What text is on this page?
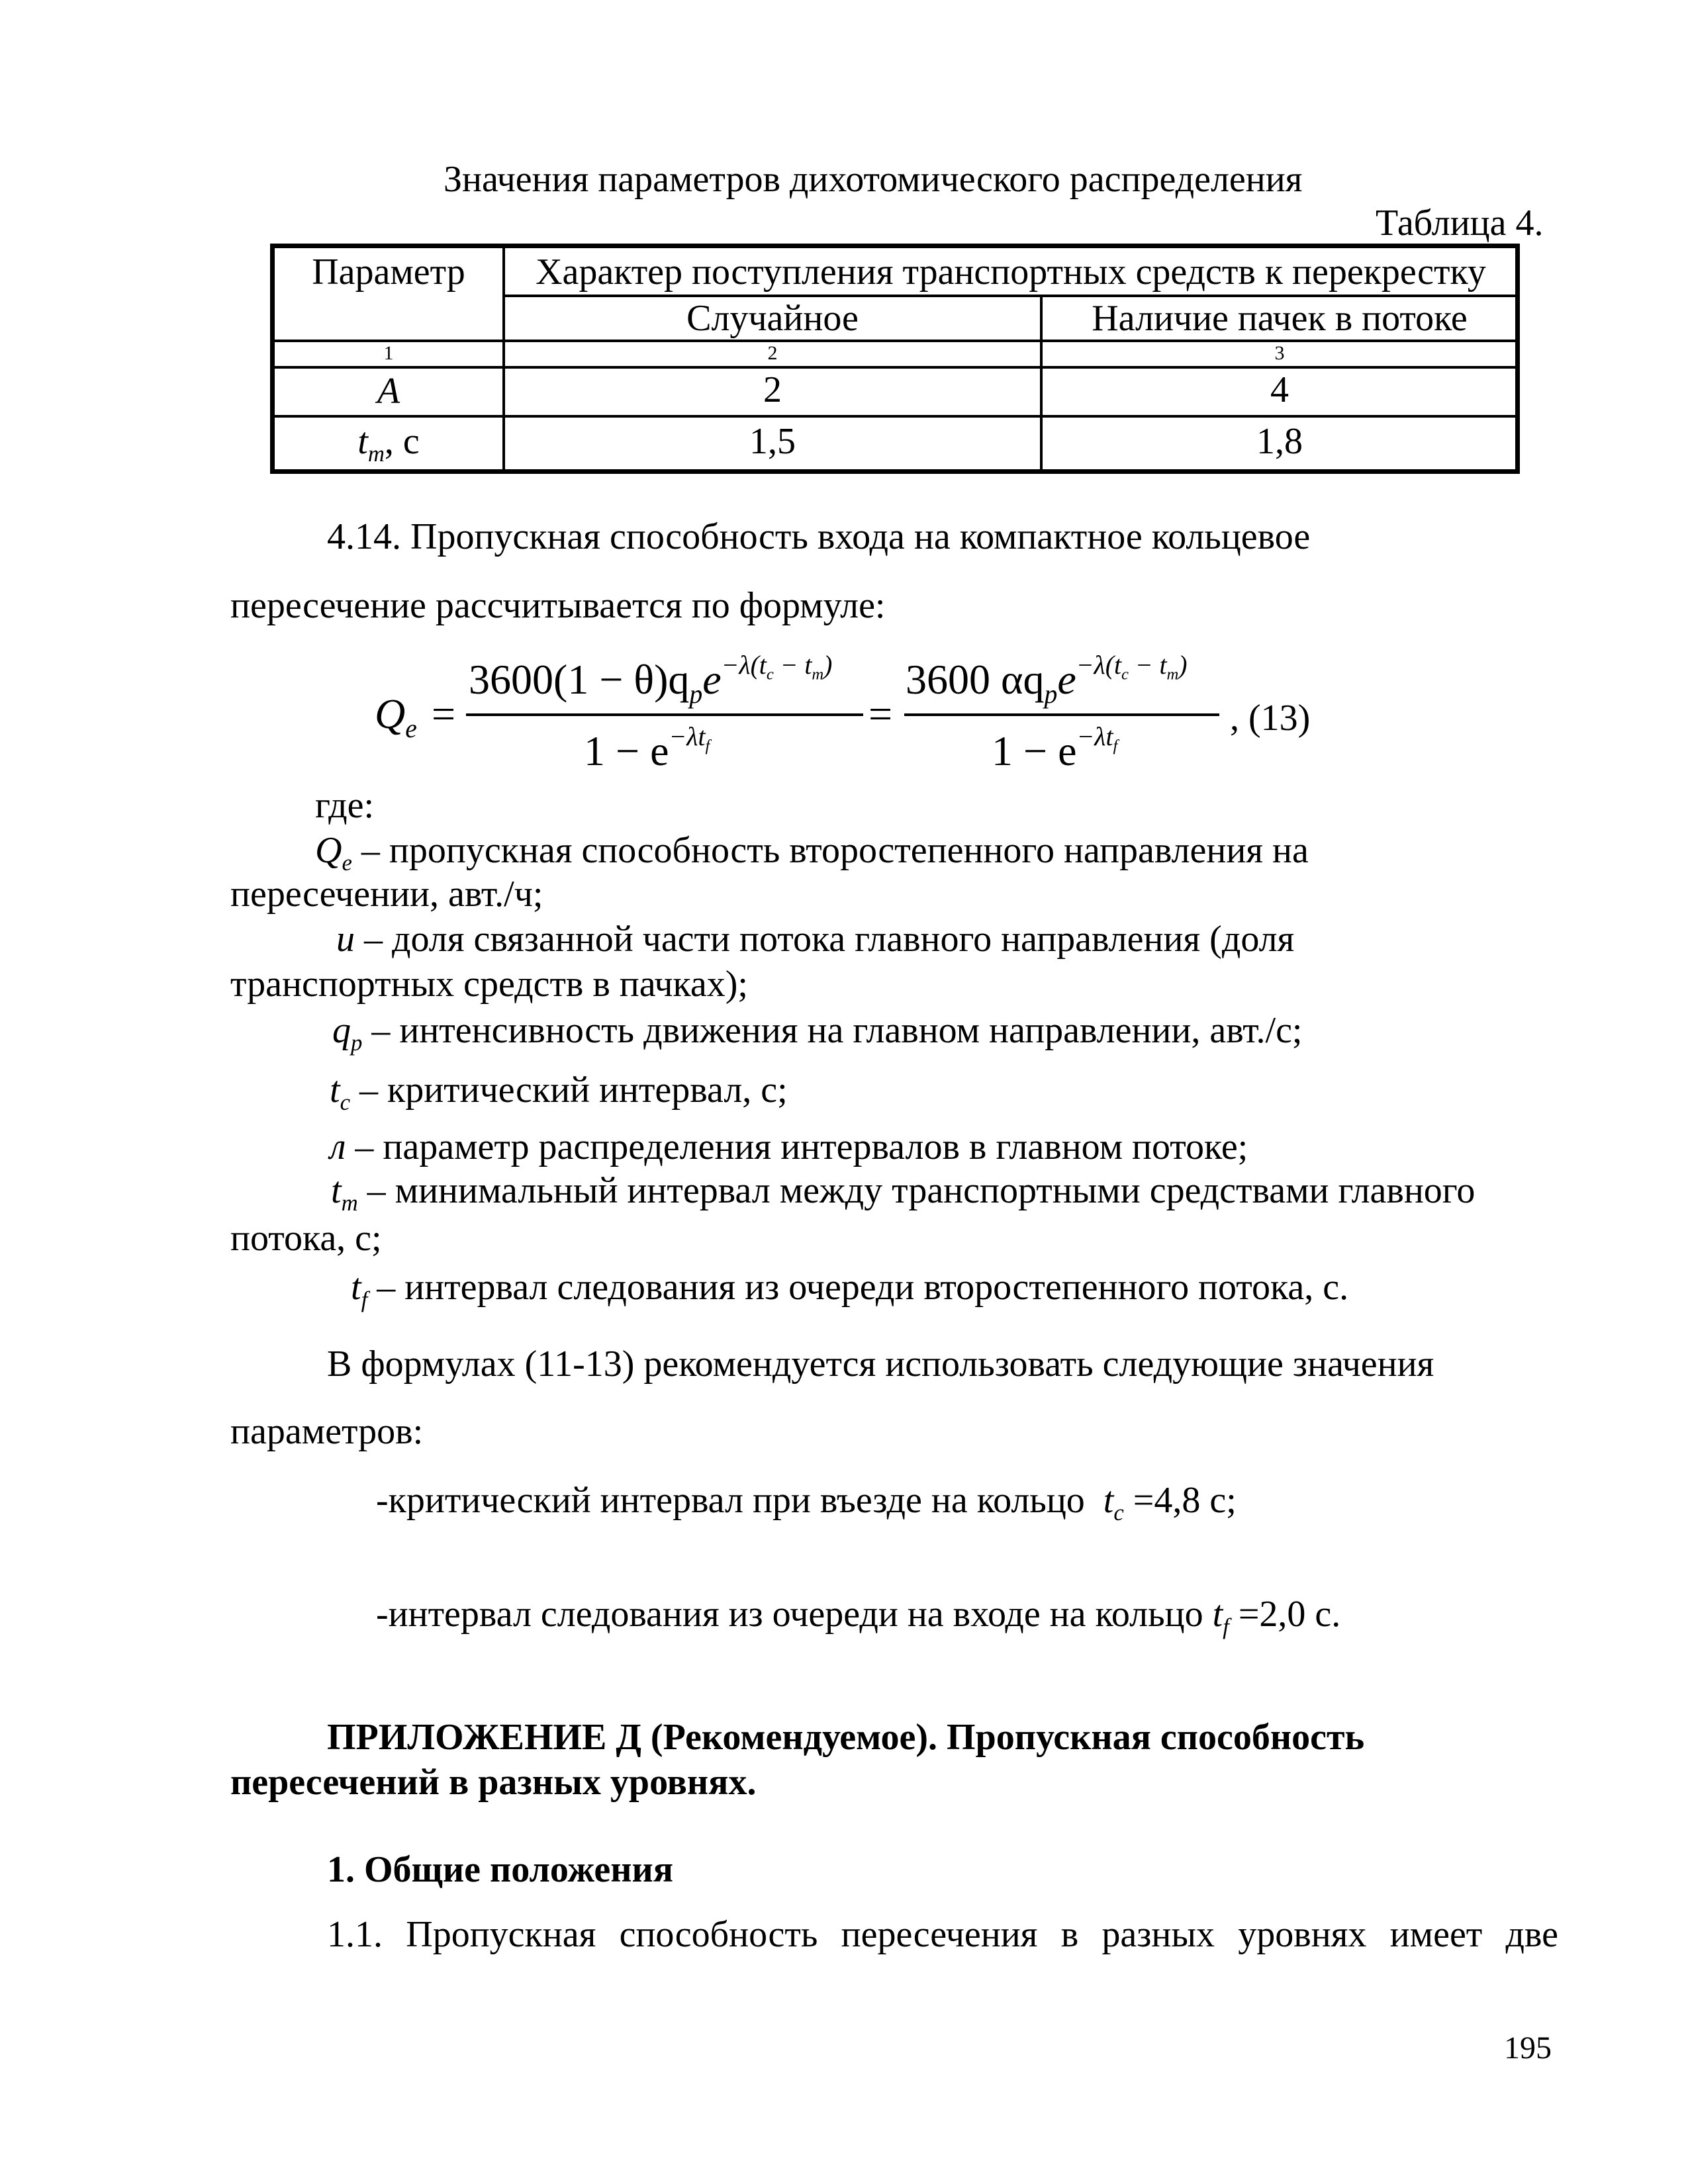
Значения параметров дихотомического распределения
Таблица 4.
Параметр	Характер поступления транспортных средств к перекрестку
Случайное	Наличие пачек в потоке
1	2	3
A	2	4
$t_m$, с	1,5	1,8
4.14. Пропускная способность входа на компактное кольцевое
пересечение рассчитывается по формуле:
$Q_e$ =
$3600(1 - \theta)q_pe^{-\lambda(t_c - t_m)}$
$1 - e^{-\lambda t_f}$
=
3600 $\alpha q_pe^{-\lambda(t_c - t_m)}$
$1 - e^{-\lambda t_f}$
, (13)
где:
$Q_e$ – пропускная способность второстепенного направления на
пересечении, авт./ч;
и – доля связанной части потока главного направления (доля
транспортных средств в пачках);
$q_p$ – интенсивность движения на главном направлении, авт./с;
$t_c$ – критический интервал, с;
л – параметр распределения интервалов в главном потоке;
$t_m$ – минимальный интервал между транспортными средствами главного
потока, с;
$t_f$ – интервал следования из очереди второстепенного потока, с.
В формулах (11-13) рекомендуется использовать следующие значения
параметров:
-критический интервал при въезде на кольцо $t_c =4,8$ с;
-интервал следования из очереди на входе на кольцо $t_f =2,0$ с.
ПРИЛОЖЕНИЕ Д (Рекомендуемое). Пропускная способность
пересечений в разных уровнях.
1. Общие положения
1.1. Пропускная способность пересечения в разных уровнях имеет две
195
